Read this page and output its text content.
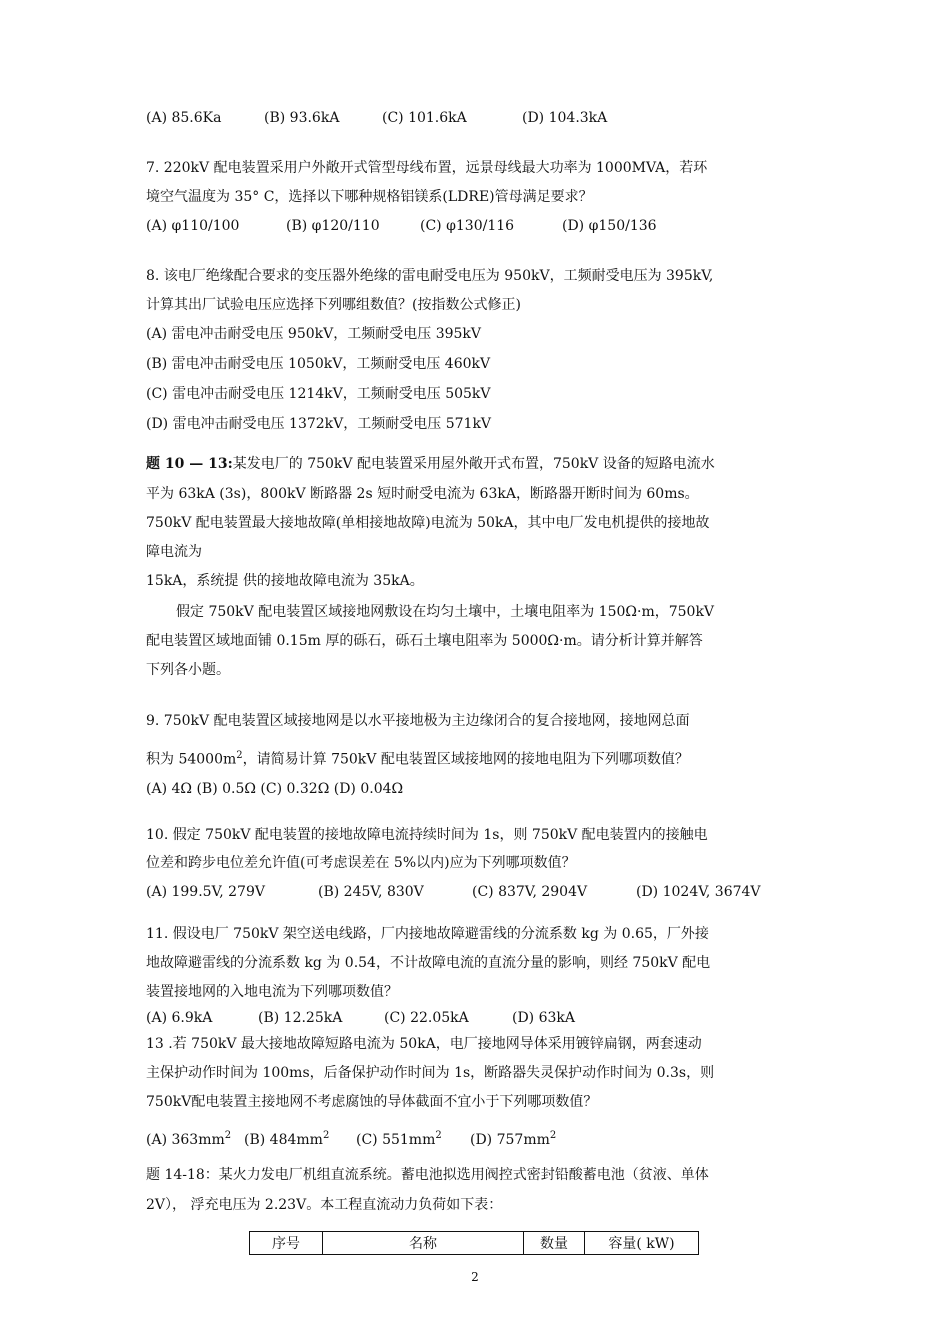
(A) 85.6Ka	(B) 93.6kA	(C) 101.6kA	(D) 104.3kA
7. 220kV 配电装置采用户外敞开式管型母线布置，远景母线最大功率为 1000MVA，若环
境空气温度为 35° C，选择以下哪种规格铝镁系(LDRE)管母满足要求？
(A) φ110/100	(B) φ120/110	(C) φ130/116	(D) φ150/136
8. 该电厂绝缘配合要求的变压器外绝缘的雷电耐受电压为 950kV，工频耐受电压为 395kV,
计算其出厂试验电压应选择下列哪组数值？(按指数公式修正)
(A) 雷电冲击耐受电压 950kV，工频耐受电压 395kV
(B) 雷电冲击耐受电压 1050kV，工频耐受电压 460kV
(C) 雷电冲击耐受电压 1214kV，工频耐受电压 505kV
(D) 雷电冲击耐受电压 1372kV，工频耐受电压 571kV
题 10 — 13:某发电厂的 750kV 配电装置采用屋外敞开式布置，750kV 设备的短路电流水
平为 63kA (3s)，800kV 断路器 2s 短时耐受电流为 63kA，断路器开断时间为 60ms。
750kV 配电装置最大接地故障(单相接地故障)电流为 50kA，其中电厂发电机提供的接地故
障电流为
15kA，系统提 供的接地故障电流为 35kA。
假定 750kV 配电装置区域接地网敷设在均匀土壤中，土壤电阻率为 150Ω·m，750kV
配电装置区域地面铺 0.15m 厚的砾石，砾石土壤电阻率为 5000Ω·m。请分析计算并解答
下列各小题。
9. 750kV 配电装置区域接地网是以水平接地极为主边缘闭合的复合接地网，接地网总面
积为 $54000m^2$，请简易计算 750kV 配电装置区域接地网的接地电阻为下列哪项数值？
(A) 4Ω (B) 0.5Ω (C) 0.32Ω (D) 0.04Ω
10. 假定 750kV 配电装置的接地故障电流持续时间为 1s，则 750kV 配电装置内的接触电
位差和跨步电位差允许值(可考虑误差在 5%以内)应为下列哪项数值？
(A) 199.5V, 279V	(B) 245V, 830V	(C) 837V, 2904V	(D) 1024V, 3674V
11. 假设电厂 750kV 架空送电线路，厂内接地故障避雷线的分流系数 kg 为 0.65，厂外接
地故障避雷线的分流系数 kg 为 0.54，不计故障电流的直流分量的影响，则经 750kV 配电
装置接地网的入地电流为下列哪项数值？
(A) 6.9kA	(B) 12.25kA	(C) 22.05kA	(D) 63kA
13 .若 750kV 最大接地故障短路电流为 50kA，电厂接地网导体采用镀锌扁钢，两套速动
主保护动作时间为 100ms，后备保护动作时间为 1s，断路器失灵保护动作时间为 0.3s，则
750kV配电装置主接地网不考虑腐蚀的导体截面不宜小于下列哪项数值？
(A) $363mm^2$ (B) $484mm^2$ (C) $551mm^2$ (D) $757mm^2$
题 14-18：某火力发电厂机组直流系统。蓄电池拟选用阀控式密封铅酸蓄电池（贫液、单体
2V）， 浮充电压为 2.23V。本工程直流动力负荷如下表：
序号	名称	数量	容量( kW)
2
